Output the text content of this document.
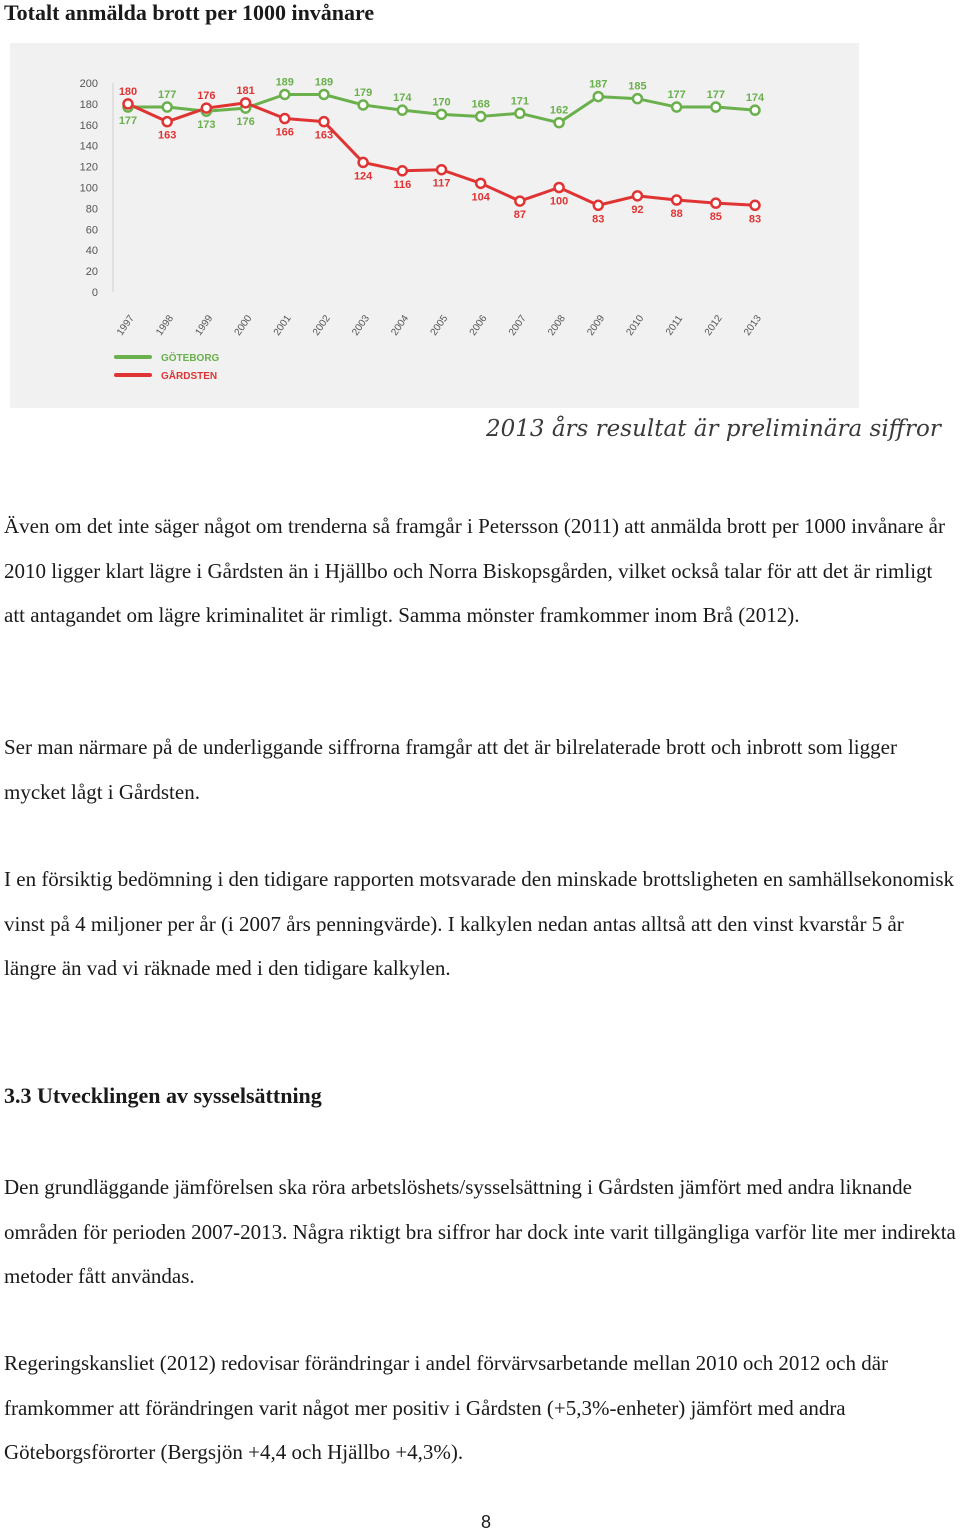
Totalt anmälda brott per 1000 invånare
177
177
173 176
189 189
179 174 170 168 171
162
187 185
177 177 174
180
163
176 181
166 163
124
116 117
104
87
100
83
92 88 85 83
1997 1998 1999 2000 2001 2002 2003 2004 2005 2006 2007 2008 2009 2010 2011 2012 2013
0
20
40
60
80
100
120
140
160
180
200
GÖTEBORG
GÅRDSTEN
2013 års resultat är preliminära siffror

Även om det inte säger något om trenderna så framgår i Petersson (2011) att anmälda brott per 1000 invånare år 2010 ligger klart lägre i Gårdsten än i Hjällbo och Norra Biskopsgården, vilket också talar för att det är rimligt att antagandet om lägre kriminalitet är rimligt. Samma mönster framkommer inom Brå (2012).

Ser man närmare på de underliggande siffrorna framgår att det är bilrelaterade brott och inbrott som ligger mycket lågt i Gårdsten.

I en försiktig bedömning i den tidigare rapporten motsvarade den minskade brottsligheten en samhällsekonomisk vinst på 4 miljoner per år (i 2007 års penningvärde). I kalkylen nedan antas alltså att den vinst kvarstår 5 år längre än vad vi räknade med i den tidigare kalkylen.

3.3 Utvecklingen av sysselsättning

Den grundläggande jämförelsen ska röra arbetslöshets/sysselsättning i Gårdsten jämfört med andra liknande områden för perioden 2007-2013. Några riktigt bra siffror har dock inte varit tillgängliga varför lite mer indirekta metoder fått användas.

Regeringskansliet (2012) redovisar förändringar i andel förvärvsarbetande mellan 2010 och 2012 och där framkommer att förändringen varit något mer positiv i Gårdsten (+5,3%-enheter) jämfört med andra Göteborgsförorter (Bergsjön +4,4 och Hjällbo +4,3%).

8
